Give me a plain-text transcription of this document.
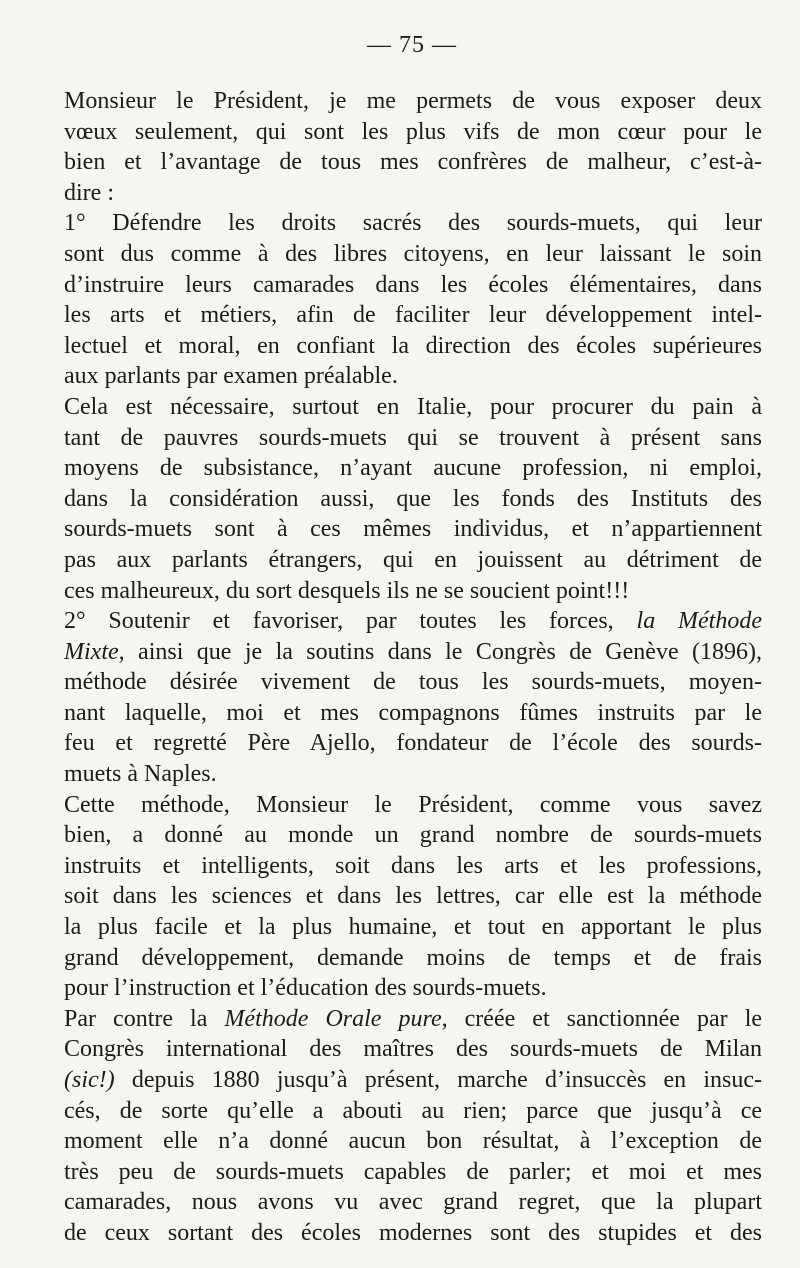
— 75 —
Monsieur le Président, je me permets de vous exposer deux
vœux seulement, qui sont les plus vifs de mon cœur pour le
bien et l’avantage de tous mes confrères de malheur, c’est-à-
dire :
1° Défendre les droits sacrés des sourds-muets, qui leur
sont dus comme à des libres citoyens, en leur laissant le soin
d’instruire leurs camarades dans les écoles élémentaires, dans
les arts et métiers, afin de faciliter leur développement intel-
lectuel et moral, en confiant la direction des écoles supérieures
aux parlants par examen préalable.
Cela est nécessaire, surtout en Italie, pour procurer du pain à
tant de pauvres sourds-muets qui se trouvent à présent sans
moyens de subsistance, n’ayant aucune profession, ni emploi,
dans la considération aussi, que les fonds des Instituts des
sourds-muets sont à ces mêmes individus, et n’appartiennent
pas aux parlants étrangers, qui en jouissent au détriment de
ces malheureux, du sort desquels ils ne se soucient point!!!
2° Soutenir et favoriser, par toutes les forces, la Méthode
Mixte, ainsi que je la soutins dans le Congrès de Genève (1896),
méthode désirée vivement de tous les sourds-muets, moyen-
nant laquelle, moi et mes compagnons fûmes instruits par le
feu et regretté Père Ajello, fondateur de l’école des sourds-
muets à Naples.
Cette méthode, Monsieur le Président, comme vous savez
bien, a donné au monde un grand nombre de sourds-muets
instruits et intelligents, soit dans les arts et les professions,
soit dans les sciences et dans les lettres, car elle est la méthode
la plus facile et la plus humaine, et tout en apportant le plus
grand développement, demande moins de temps et de frais
pour l’instruction et l’éducation des sourds-muets.
Par contre la Méthode Orale pure, créée et sanctionnée par le
Congrès international des maîtres des sourds-muets de Milan
(sic!) depuis 1880 jusqu’à présent, marche d’insuccès en insuc-
cés, de sorte qu’elle a abouti au rien; parce que jusqu’à ce
moment elle n’a donné aucun bon résultat, à l’exception de
très peu de sourds-muets capables de parler; et moi et mes
camarades, nous avons vu avec grand regret, que la plupart
de ceux sortant des écoles modernes sont des stupides et des
